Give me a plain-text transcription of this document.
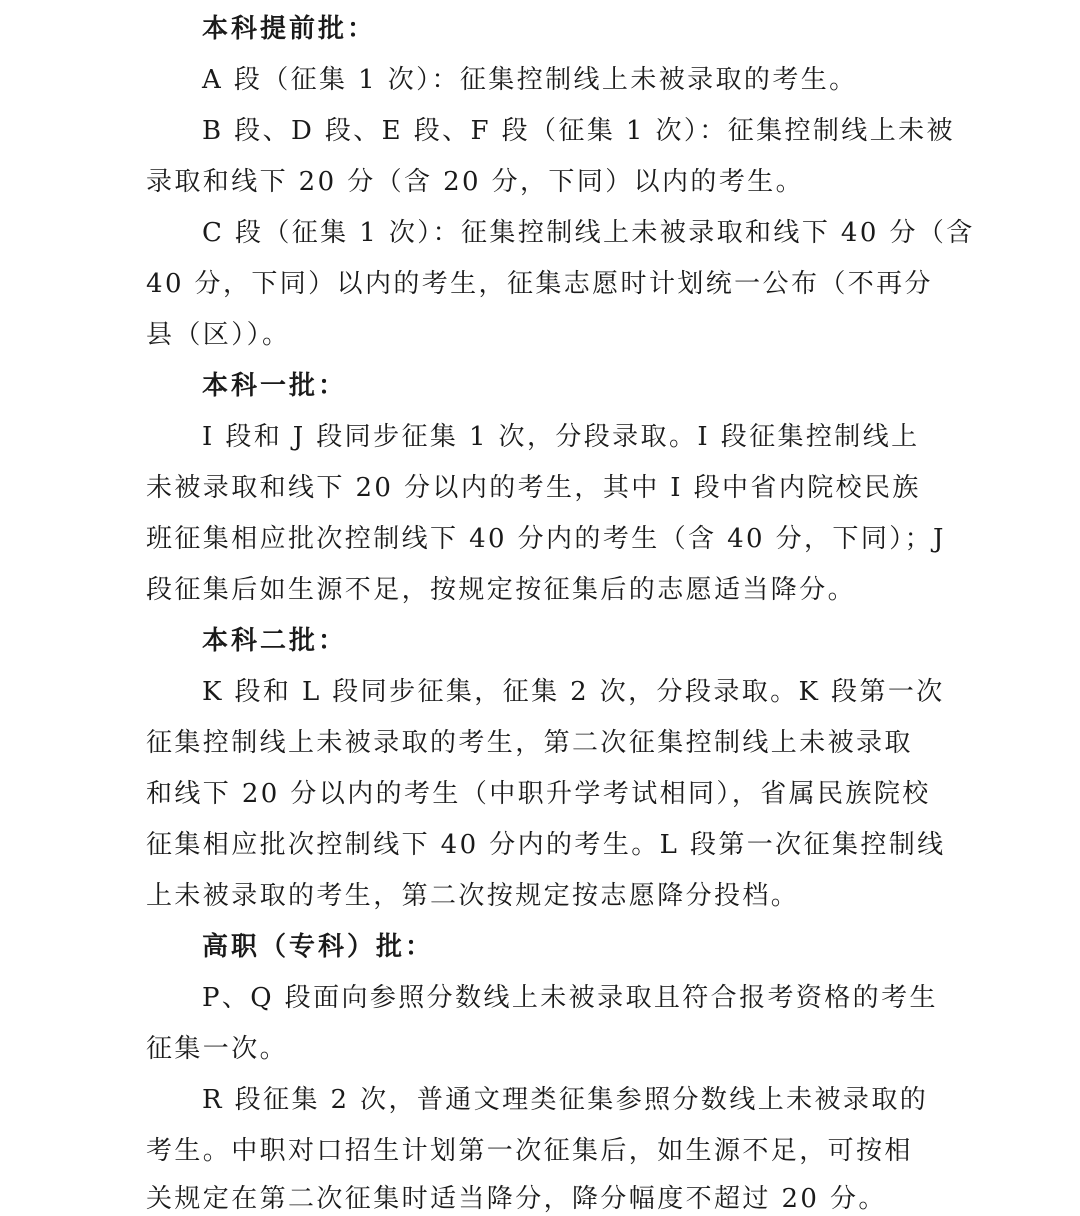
本科提前批：
A 段（征集 1 次）：征集控制线上未被录取的考生。
B 段、D 段、E 段、F 段（征集 1 次）：征集控制线上未被
录取和线下 20 分（含 20 分，下同）以内的考生。
C 段（征集 1 次）：征集控制线上未被录取和线下 40 分（含
40 分，下同）以内的考生，征集志愿时计划统一公布（不再分
县（区））。
本科一批：
I 段和 J 段同步征集 1 次，分段录取。I 段征集控制线上
未被录取和线下 20 分以内的考生，其中 I 段中省内院校民族
班征集相应批次控制线下 40 分内的考生（含 40 分，下同）；J
段征集后如生源不足，按规定按征集后的志愿适当降分。
本科二批：
K 段和 L 段同步征集，征集 2 次，分段录取。K 段第一次
征集控制线上未被录取的考生，第二次征集控制线上未被录取
和线下 20 分以内的考生（中职升学考试相同），省属民族院校
征集相应批次控制线下 40 分内的考生。L 段第一次征集控制线
上未被录取的考生，第二次按规定按志愿降分投档。
高职（专科）批：
P、Q 段面向参照分数线上未被录取且符合报考资格的考生
征集一次。
R 段征集 2 次，普通文理类征集参照分数线上未被录取的
考生。中职对口招生计划第一次征集后，如生源不足，可按相
关规定在第二次征集时适当降分，降分幅度不超过 20 分。
